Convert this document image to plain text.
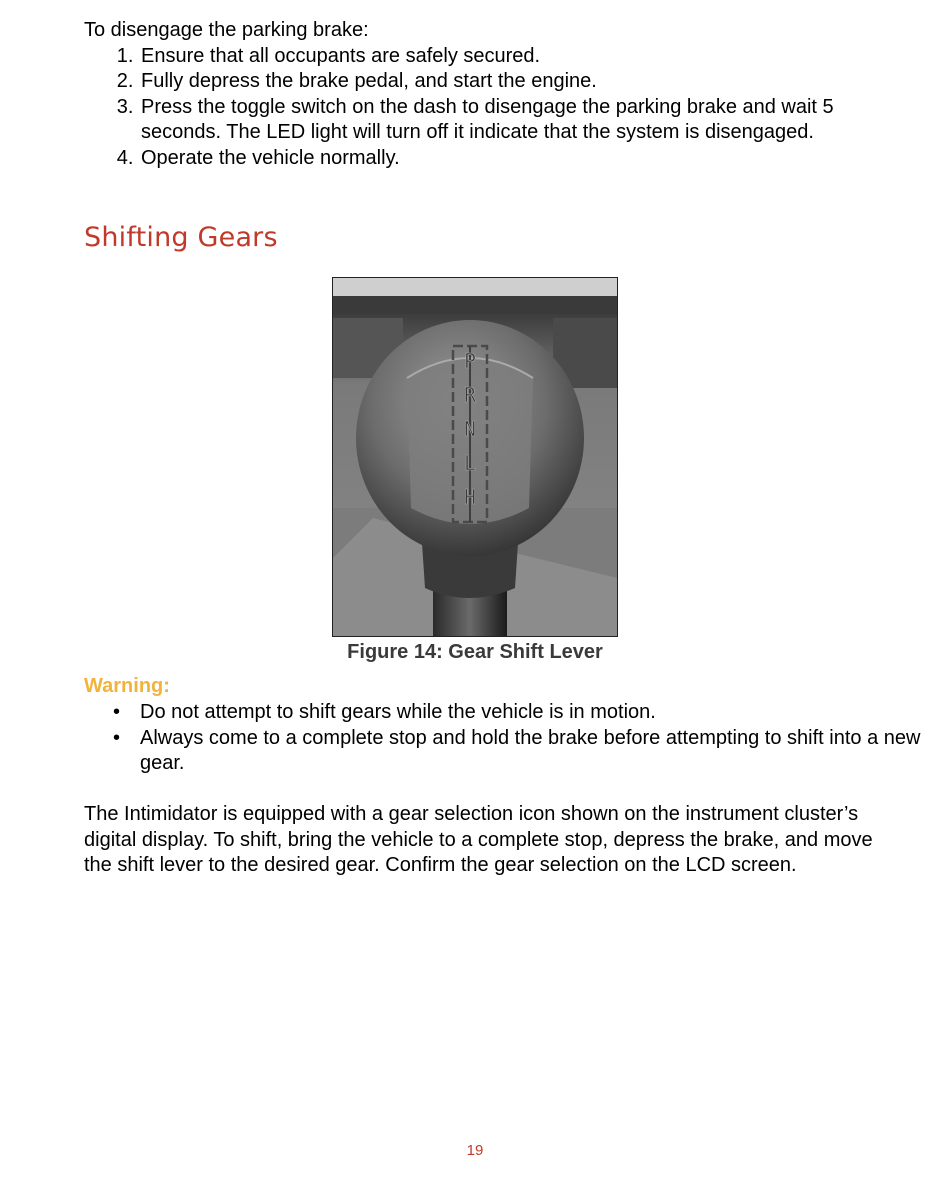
To disengage the parking brake:
1. Ensure that all occupants are safely secured.
2. Fully depress the brake pedal, and start the engine.
3. Press the toggle switch on the dash to disengage the parking brake and wait 5 seconds. The LED light will turn off it indicate that the system is disengaged.
4. Operate the vehicle normally.
Shifting Gears
P
R
N
L
H
Figure 14: Gear Shift Lever
Warning:
• Do not attempt to shift gears while the vehicle is in motion.
• Always come to a complete stop and hold the brake before attempting to shift into a new gear.

The Intimidator is equipped with a gear selection icon shown on the instrument cluster’s digital display. To shift, bring the vehicle to a complete stop, depress the brake, and move the shift lever to the desired gear. Confirm the gear selection on the LCD screen.

19
